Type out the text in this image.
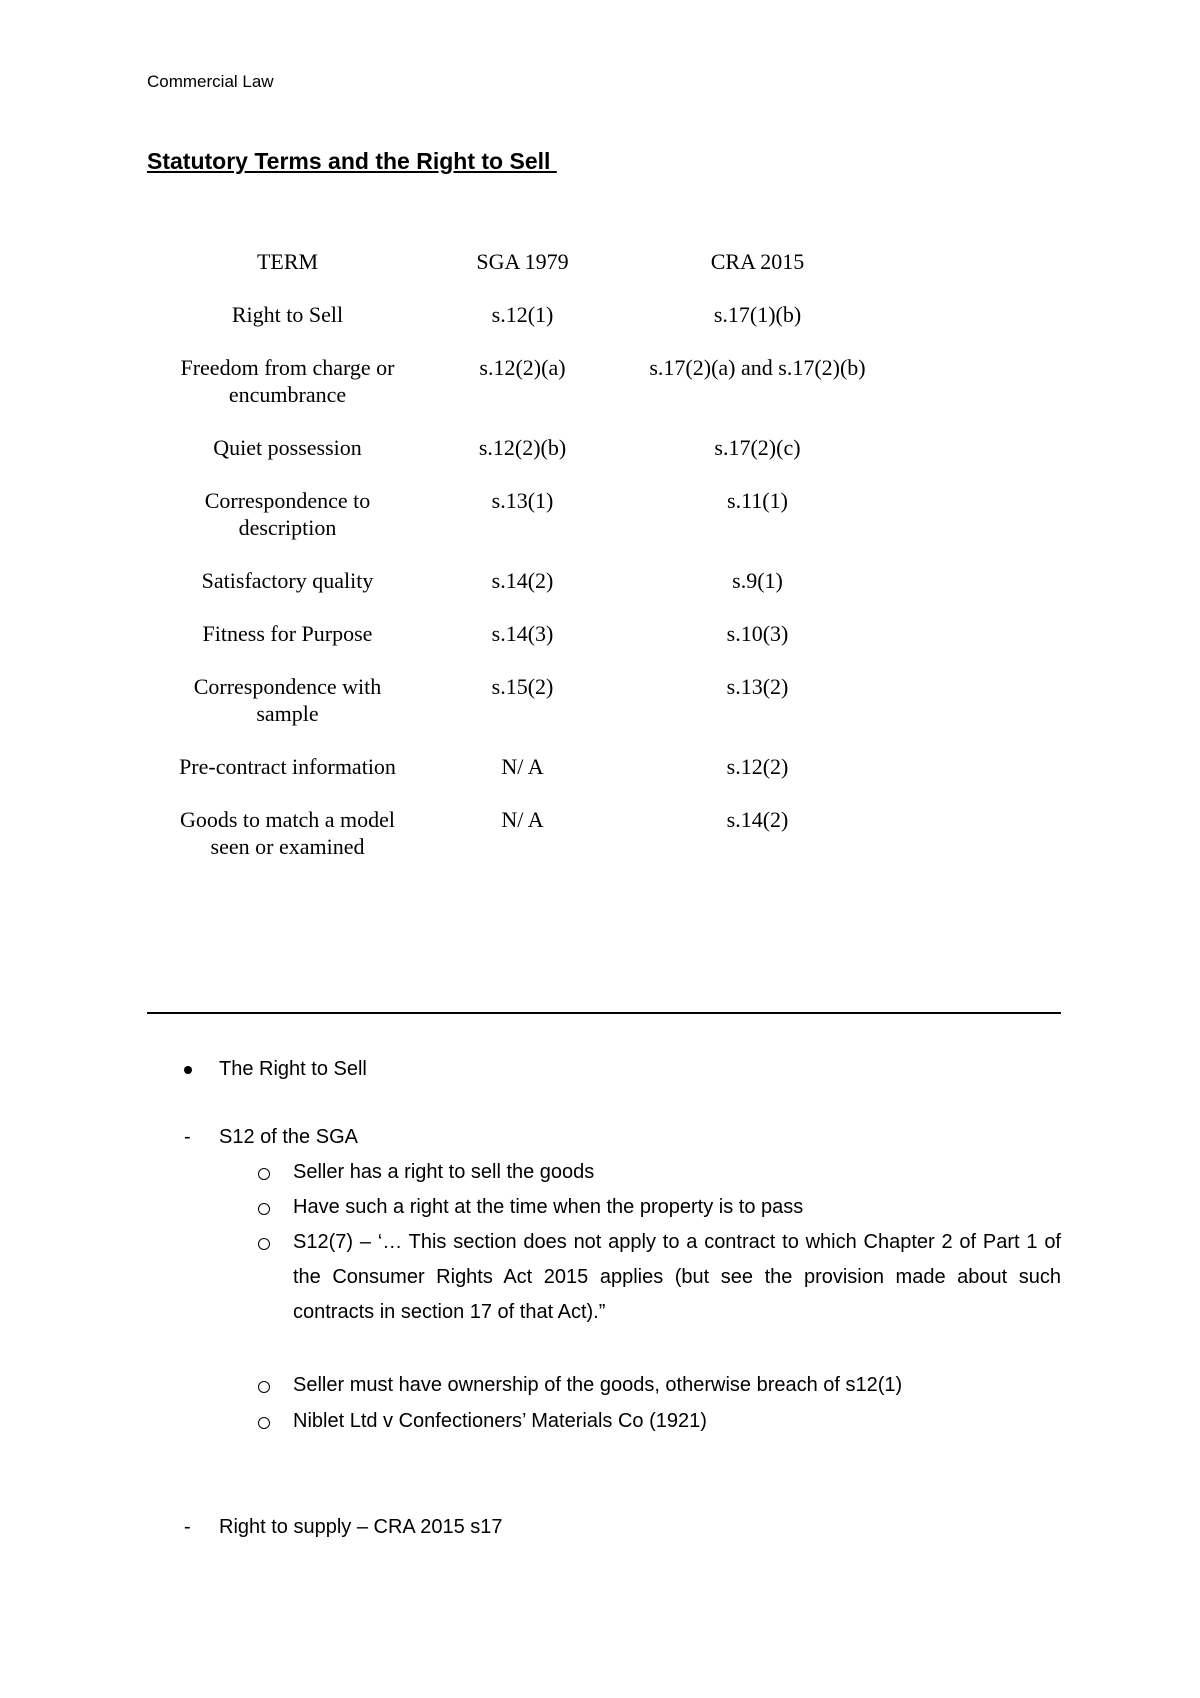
Commercial Law
Statutory Terms and the Right to Sell
TERM	SGA 1979	CRA 2015
Right to Sell	s.12(1)	s.17(1)(b)
Freedom from charge or encumbrance	s.12(2)(a)	s.17(2)(a) and s.17(2)(b)
Quiet possession	s.12(2)(b)	s.17(2)(c)
Correspondence to description	s.13(1)	s.11(1)
Satisfactory quality	s.14(2)	s.9(1)
Fitness for Purpose	s.14(3)	s.10(3)
Correspondence with sample	s.15(2)	s.13(2)
Pre-contract information	N/ A	s.12(2)
Goods to match a model seen or examined	N/ A	s.14(2)
The Right to Sell
- S12 of the SGA
Seller has a right to sell the goods
Have such a right at the time when the property is to pass
S12(7) – ‘… This section does not apply to a contract to which Chapter 2 of Part 1 of the Consumer Rights Act 2015 applies (but see the provision made about such contracts in section 17 of that Act).”
Seller must have ownership of the goods, otherwise breach of s12(1)
Niblet Ltd v Confectioners’ Materials Co (1921)
- Right to supply – CRA 2015 s17
